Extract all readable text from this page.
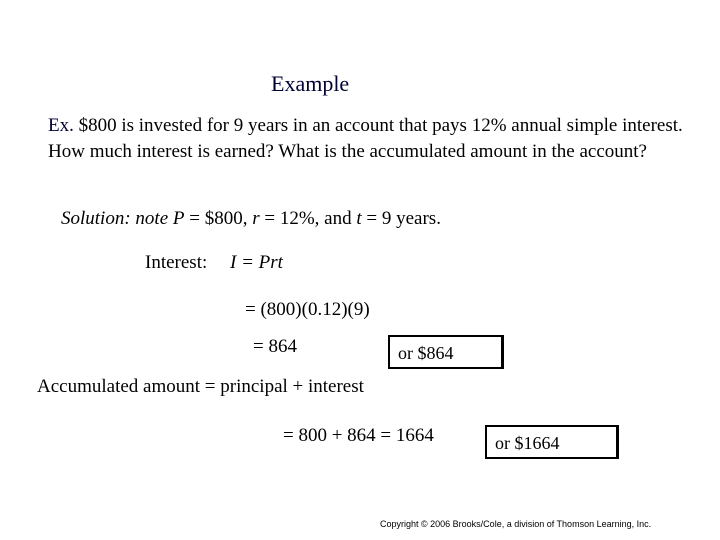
Example
Ex. $800 is invested for 9 years in an account that pays 12% annual simple interest. How much interest is earned? What is the accumulated amount in the account?
Solution: note P = $800, r = 12%, and t = 9 years.
Interest: I = Prt
= (800)(0.12)(9)
= 864	or $864
Accumulated amount = principal + interest
= 800 + 864 = 1664	or $1664
Copyright © 2006 Brooks/Cole, a division of Thomson Learning, Inc.
